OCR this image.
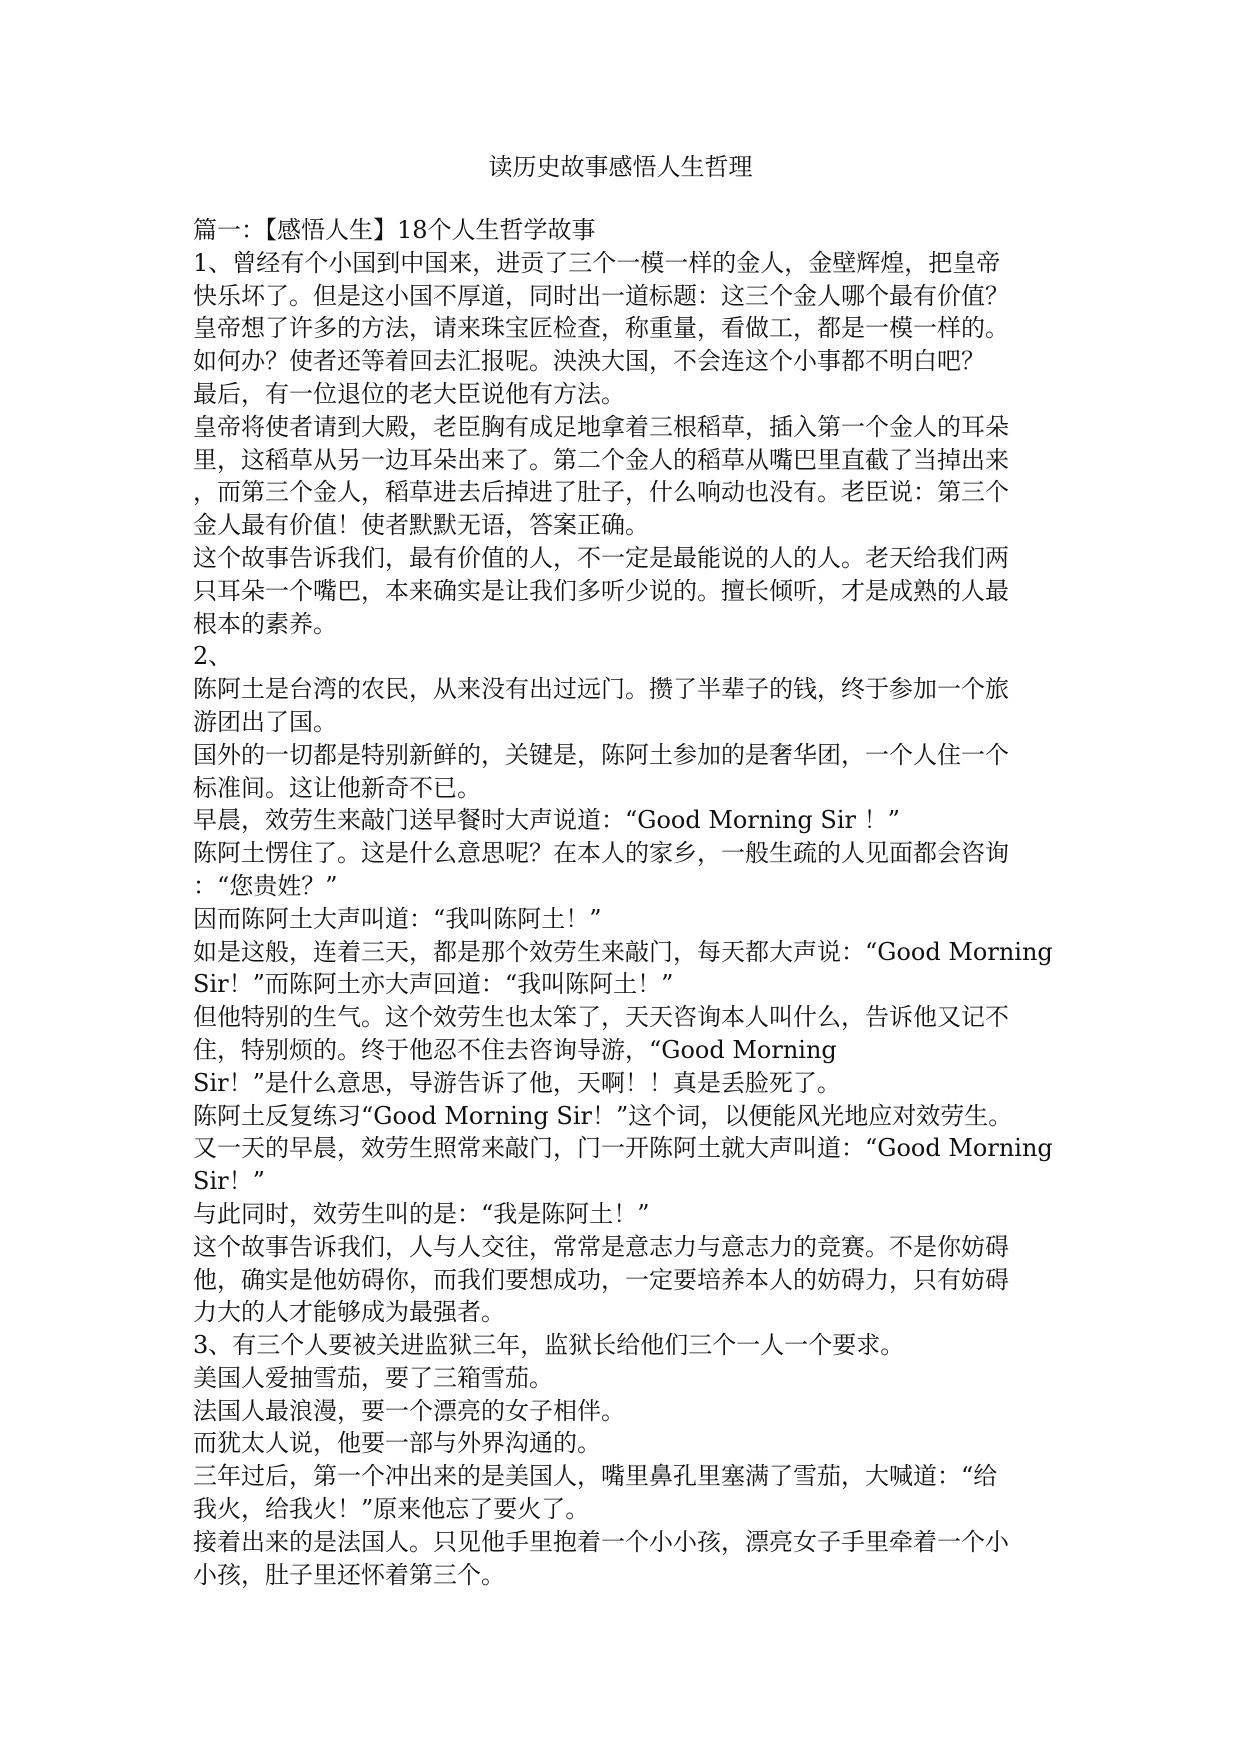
读历史故事感悟人生哲理
篇一：【感悟人生】18个人生哲学故事
1、曾经有个小国到中国来，进贡了三个一模一样的金人，金壁辉煌，把皇帝
快乐坏了。但是这小国不厚道，同时出一道标题：这三个金人哪个最有价值？
皇帝想了许多的方法，请来珠宝匠检查，称重量，看做工，都是一模一样的。
如何办？使者还等着回去汇报呢。泱泱大国，不会连这个小事都不明白吧？
最后，有一位退位的老大臣说他有方法。
皇帝将使者请到大殿，老臣胸有成足地拿着三根稻草，插入第一个金人的耳朵
里，这稻草从另一边耳朵出来了。第二个金人的稻草从嘴巴里直截了当掉出来
，而第三个金人，稻草进去后掉进了肚子，什么响动也没有。老臣说：第三个
金人最有价值！使者默默无语，答案正确。
这个故事告诉我们，最有价值的人，不一定是最能说的人的人。老天给我们两
只耳朵一个嘴巴，本来确实是让我们多听少说的。擅长倾听，才是成熟的人最
根本的素养。
2、
陈阿土是台湾的农民，从来没有出过远门。攒了半辈子的钱，终于参加一个旅
游团出了国。
国外的一切都是特别新鲜的，关键是，陈阿土参加的是奢华团，一个人住一个
标准间。这让他新奇不已。
早晨，效劳生来敲门送早餐时大声说道：“Good Morning Sir ！”
陈阿土愣住了。这是什么意思呢？在本人的家乡，一般生疏的人见面都会咨询
：“您贵姓？”
因而陈阿土大声叫道：“我叫陈阿土！”
如是这般，连着三天，都是那个效劳生来敲门，每天都大声说：“Good Morning
Sir！”而陈阿土亦大声回道：“我叫陈阿土！”
但他特别的生气。这个效劳生也太笨了，天天咨询本人叫什么，告诉他又记不
住，特别烦的。终于他忍不住去咨询导游，“Good Morning
Sir！”是什么意思，导游告诉了他，天啊！！真是丢脸死了。
陈阿土反复练习“Good Morning Sir！”这个词，以便能风光地应对效劳生。
又一天的早晨，效劳生照常来敲门，门一开陈阿土就大声叫道：“Good Morning
Sir！”
与此同时，效劳生叫的是：“我是陈阿土！”
这个故事告诉我们，人与人交往，常常是意志力与意志力的竞赛。不是你妨碍
他，确实是他妨碍你，而我们要想成功，一定要培养本人的妨碍力，只有妨碍
力大的人才能够成为最强者。
3、有三个人要被关进监狱三年，监狱长给他们三个一人一个要求。
美国人爱抽雪茄，要了三箱雪茄。
法国人最浪漫，要一个漂亮的女子相伴。
而犹太人说，他要一部与外界沟通的。
三年过后，第一个冲出来的是美国人，嘴里鼻孔里塞满了雪茄，大喊道：“给
我火，给我火！”原来他忘了要火了。
接着出来的是法国人。只见他手里抱着一个小小孩，漂亮女子手里牵着一个小
小孩，肚子里还怀着第三个。
